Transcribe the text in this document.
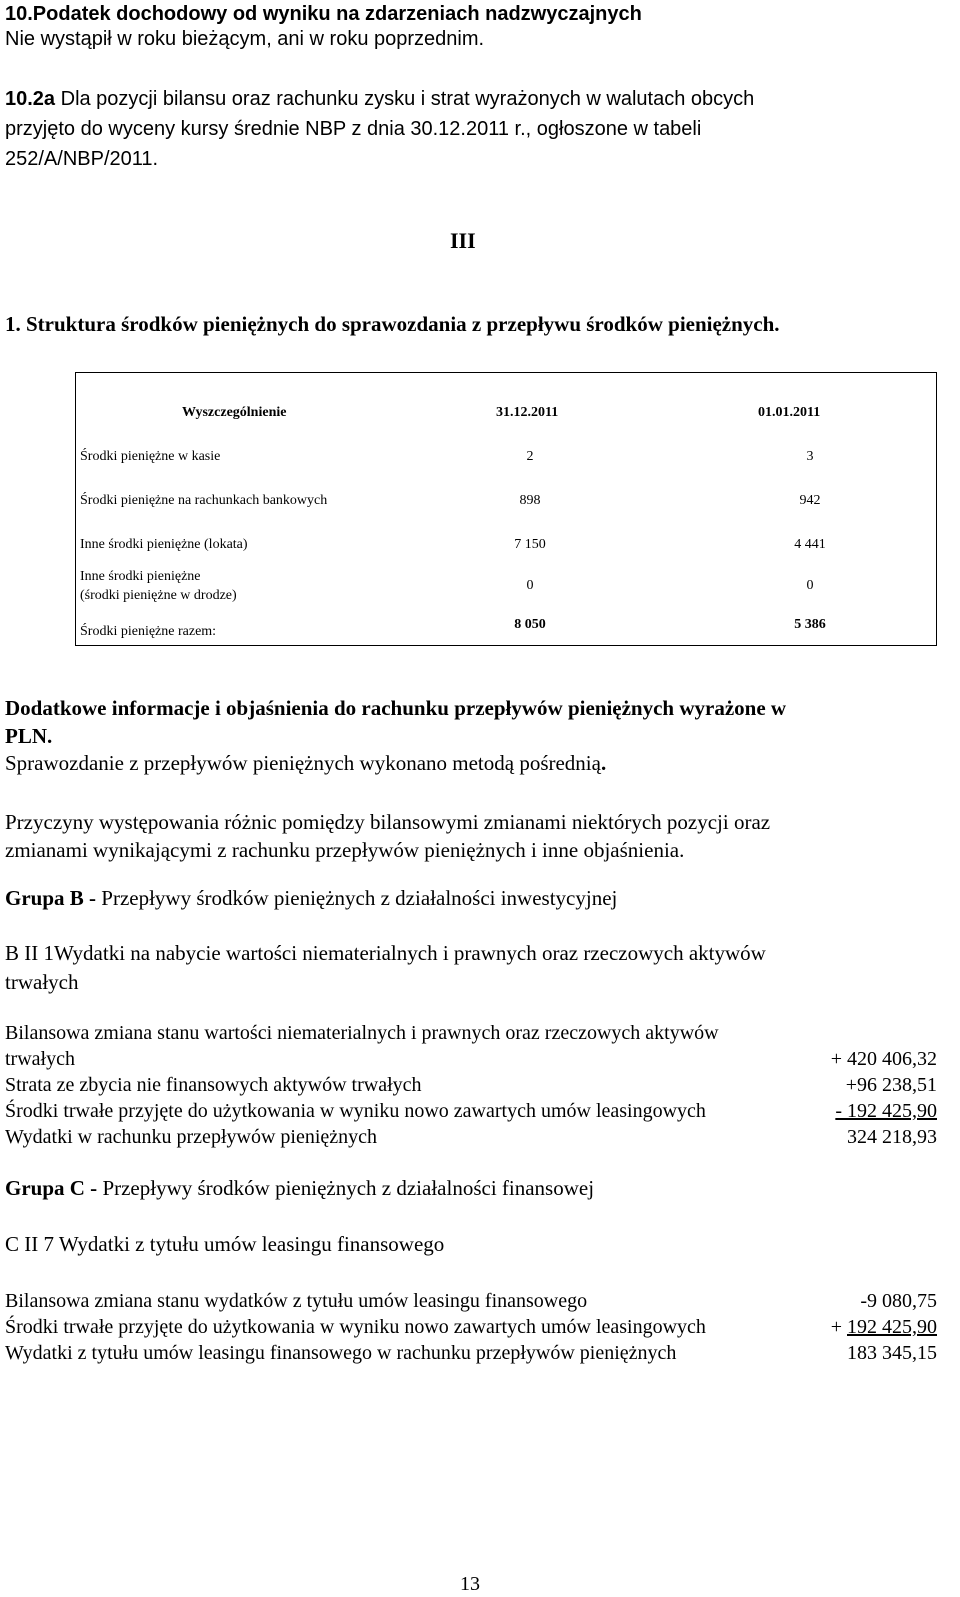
10.Podatek dochodowy od wyniku na zdarzeniach nadzwyczajnych
Nie wystąpił w roku bieżącym, ani w roku poprzednim.
10.2a Dla pozycji bilansu oraz rachunku zysku i strat wyrażonych w walutach obcych
przyjęto do wyceny kursy średnie NBP z dnia 30.12.2011 r., ogłoszone w tabeli
252/A/NBP/2011.
III
1. Struktura środków pieniężnych do sprawozdania z przepływu środków pieniężnych.
Wyszczególnienie	31.12.2011	01.01.2011
Środki pieniężne w kasie	2	3
Środki pieniężne na rachunkach bankowych	898	942
Inne środki pieniężne (lokata)	7 150	4 441
Inne środki pieniężne
(środki pieniężne w drodze)
0	0
Środki pieniężne razem:	8 050	5 386
Dodatkowe informacje i objaśnienia do rachunku przepływów pieniężnych wyrażone w
PLN.
Sprawozdanie z przepływów pieniężnych wykonano metodą pośrednią.
Przyczyny występowania różnic pomiędzy bilansowymi zmianami niektórych pozycji oraz
zmianami wynikającymi z rachunku przepływów pieniężnych i inne objaśnienia.
Grupa B - Przepływy środków pieniężnych z działalności inwestycyjnej
B II 1Wydatki na nabycie wartości niematerialnych i prawnych oraz rzeczowych aktywów
trwałych
Bilansowa zmiana stanu wartości niematerialnych i prawnych oraz rzeczowych aktywów
trwałych	+ 420 406,32
Strata ze zbycia nie finansowych aktywów trwałych	+96 238,51
Środki trwałe przyjęte do użytkowania w wyniku nowo zawartych umów leasingowych	- 192 425,90
Wydatki w rachunku przepływów pieniężnych	324 218,93
Grupa C - Przepływy środków pieniężnych z działalności finansowej
C II 7 Wydatki z tytułu umów leasingu finansowego
Bilansowa zmiana stanu wydatków z tytułu umów leasingu finansowego	-9 080,75
Środki trwałe przyjęte do użytkowania w wyniku nowo zawartych umów leasingowych	+ 192 425,90
Wydatki z tytułu umów leasingu finansowego w rachunku przepływów pieniężnych	183 345,15
13
